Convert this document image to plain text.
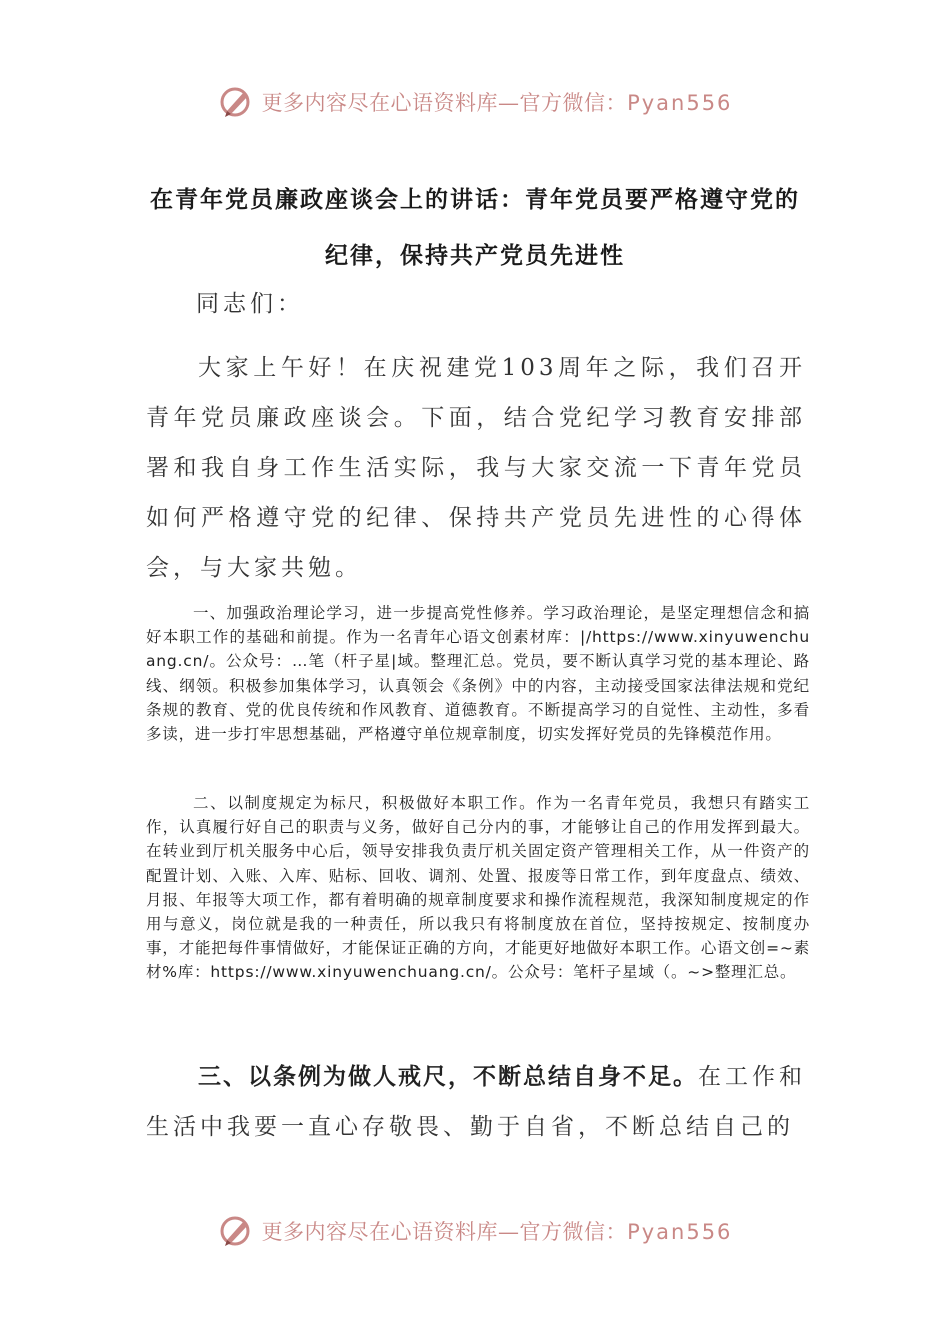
更多内容尽在心语资料库—官方微信：Pyan556
在青年党员廉政座谈会上的讲话：青年党员要严格遵守党的纪律，保持共产党员先进性
同志们：
大家上午好！在庆祝建党103周年之际，我们召开青年党员廉政座谈会。下面，结合党纪学习教育安排部署和我自身工作生活实际，我与大家交流一下青年党员如何严格遵守党的纪律、保持共产党员先进性的心得体会，与大家共勉。
一、加强政治理论学习，进一步提高党性修养。学习政治理论，是坚定理想信念和搞好本职工作的基础和前提。作为一名青年心语文创素材库：|/https://www.xinyuwenchuang.cn/。公众号：…笔（杆子星|域。整理汇总。党员，要不断认真学习党的基本理论、路线、纲领。积极参加集体学习，认真领会《条例》中的内容，主动接受国家法律法规和党纪条规的教育、党的优良传统和作风教育、道德教育。不断提高学习的自觉性、主动性，多看多读，进一步打牢思想基础，严格遵守单位规章制度，切实发挥好党员的先锋模范作用。
二、以制度规定为标尺，积极做好本职工作。作为一名青年党员，我想只有踏实工作，认真履行好自己的职责与义务，做好自己分内的事，才能够让自己的作用发挥到最大。在转业到厅机关服务中心后，领导安排我负责厅机关固定资产管理相关工作，从一件资产的配置计划、入账、入库、贴标、回收、调剂、处置、报废等日常工作，到年度盘点、绩效、月报、年报等大项工作，都有着明确的规章制度要求和操作流程规范，我深知制度规定的作用与意义，岗位就是我的一种责任，所以我只有将制度放在首位，坚持按规定、按制度办事，才能把每件事情做好，才能保证正确的方向，才能更好地做好本职工作。心语文创=~素材%库：https://www.xinyuwenchuang.cn/。公众号：笔杆子星域（。~>整理汇总。
三、以条例为做人戒尺，不断总结自身不足。在工作和生活中我要一直心存敬畏、勤于自省，不断总结自己的
更多内容尽在心语资料库—官方微信：Pyan556
